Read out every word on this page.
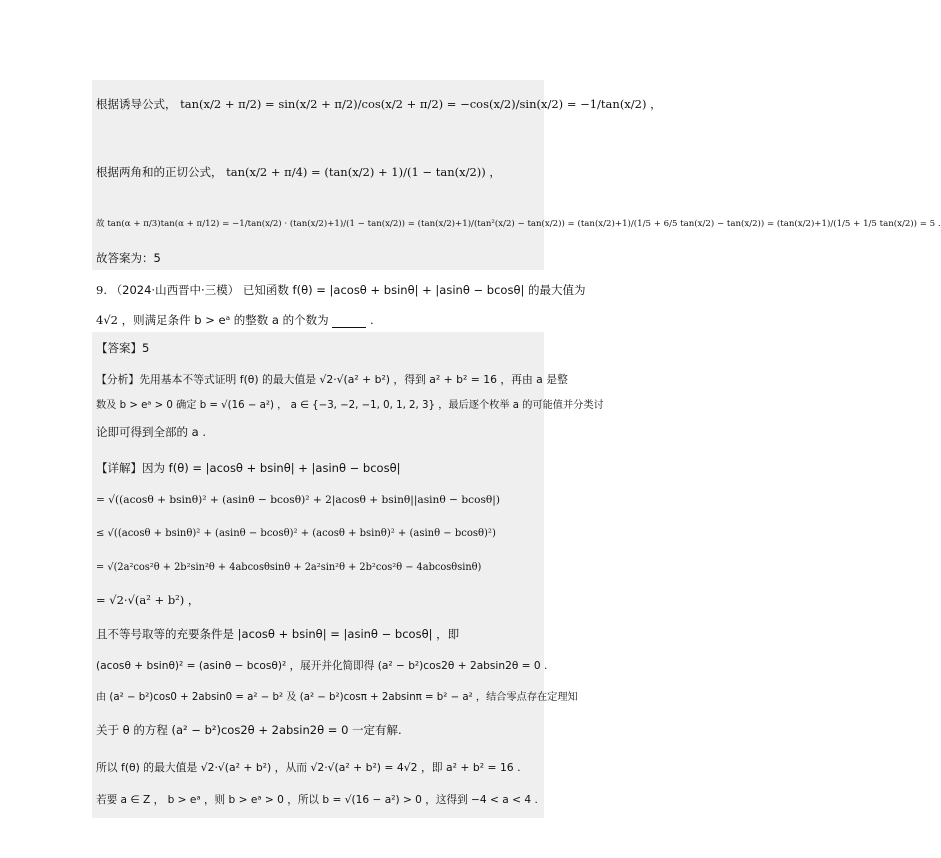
根据诱导公式， tan(x/2 + π/2) = sin(x/2 + π/2)/cos(x/2 + π/2) = −cos(x/2)/sin(x/2) = −1/tan(x/2) ，
根据两角和的正切公式， tan(x/2 + π/4) = (tan(x/2) + 1)/(1 − tan(x/2)) ，
故 tan(α + π/3)tan(α + π/12) = −1/tan(x/2) · (tan(x/2)+1)/(1 − tan(x/2)) = (tan(x/2)+1)/(tan²(x/2) − tan(x/2)) = (tan(x/2)+1)/(1/5 + 6/5 tan(x/2) − tan(x/2)) = (tan(x/2)+1)/(1/5 + 1/5 tan(x/2)) = 5 .
故答案为：5
9. （2024·山西晋中·三模） 已知函数 f(θ) = |acosθ + bsinθ| + |asinθ − bcosθ| 的最大值为
4√2 ，则满足条件 b > eᵃ 的整数 a 的个数为	.
【答案】5
【分析】先用基本不等式证明 f(θ) 的最大值是 √2·√(a² + b²) ，得到 a² + b² = 16 ，再由 a 是整
数及 b > eᵃ > 0 确定 b = √(16 − a²) ， a ∈ {−3, −2, −1, 0, 1, 2, 3} ，最后逐个枚举 a 的可能值并分类讨
论即可得到全部的 a .
【详解】因为 f(θ) = |acosθ + bsinθ| + |asinθ − bcosθ|
= √((acosθ + bsinθ)² + (asinθ − bcosθ)² + 2|acosθ + bsinθ||asinθ − bcosθ|)
≤ √((acosθ + bsinθ)² + (asinθ − bcosθ)² + (acosθ + bsinθ)² + (asinθ − bcosθ)²)
= √(2a²cos²θ + 2b²sin²θ + 4abcosθsinθ + 2a²sin²θ + 2b²cos²θ − 4abcosθsinθ)
= √2·√(a² + b²) ，
且不等号取等的充要条件是 |acosθ + bsinθ| = |asinθ − bcosθ| ，即
(acosθ + bsinθ)² = (asinθ − bcosθ)² ，展开并化简即得 (a² − b²)cos2θ + 2absin2θ = 0 .
由 (a² − b²)cos0 + 2absin0 = a² − b² 及 (a² − b²)cosπ + 2absinπ = b² − a² ，结合零点存在定理知
关于 θ 的方程 (a² − b²)cos2θ + 2absin2θ = 0 一定有解.
所以 f(θ) 的最大值是 √2·√(a² + b²) ，从而 √2·√(a² + b²) = 4√2 ，即 a² + b² = 16 .
若要 a ∈ Z ， b > eᵃ ，则 b > eᵃ > 0 ，所以 b = √(16 − a²) > 0 ，这得到 −4 < a < 4 .
